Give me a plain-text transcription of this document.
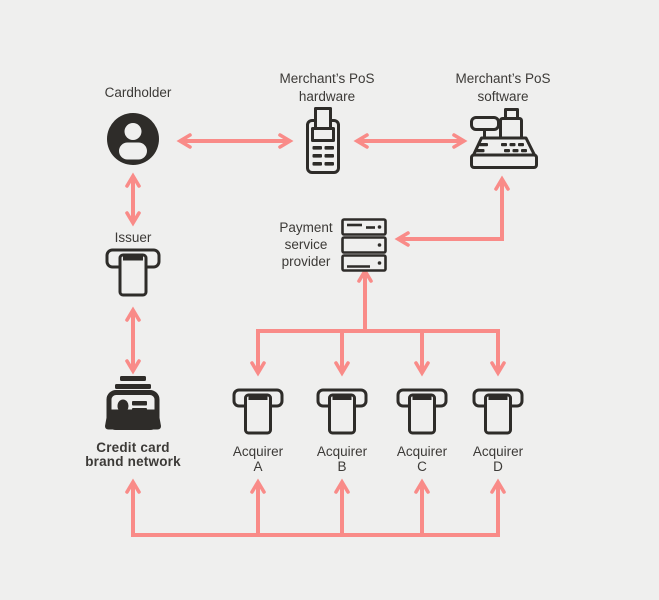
Cardholder
Merchant’s PoS
hardware
Merchant’s PoS
software
Issuer
Payment
service
provider
Credit card
brand network
Acquirer
A
Acquirer
B
Acquirer
C
Acquirer
D
